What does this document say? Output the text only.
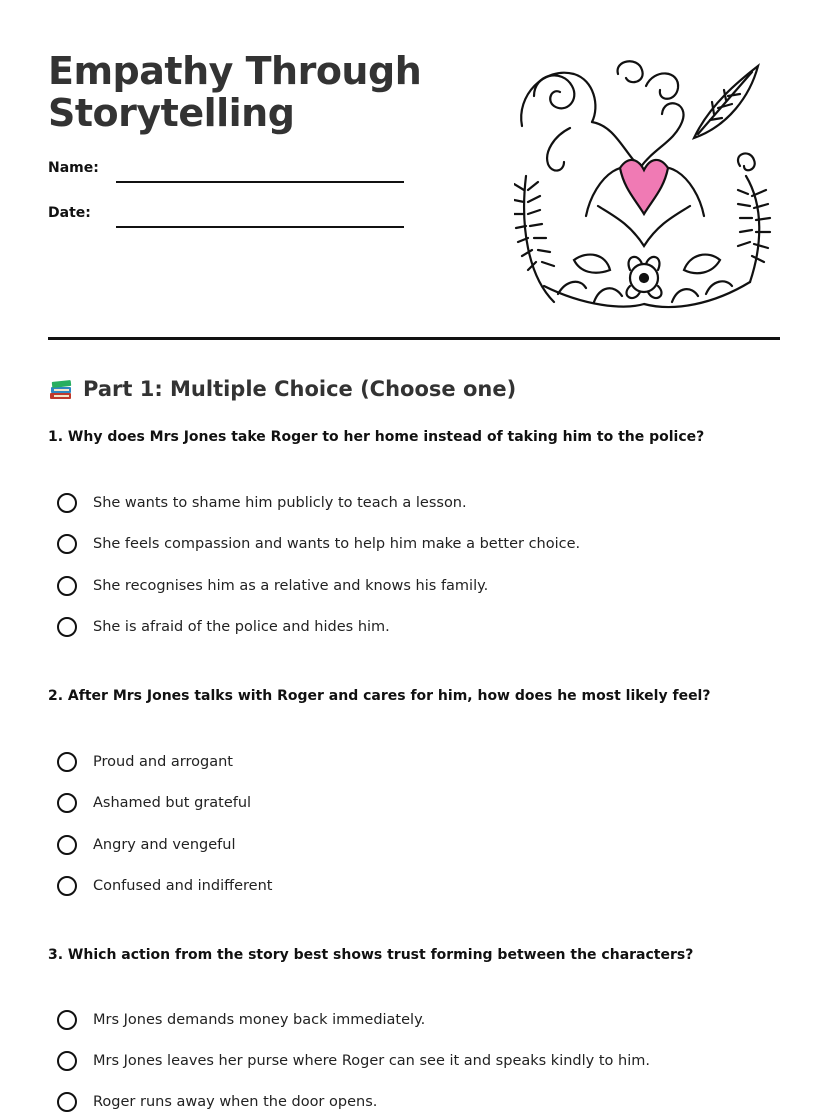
Empathy Through
Storytelling
Name:
Date:
Part 1: Multiple Choice (Choose one)

1. Why does Mrs Jones take Roger to her home instead of taking him to the police?

She wants to shame him publicly to teach a lesson.
She feels compassion and wants to help him make a better choice.
She recognises him as a relative and knows his family.
She is afraid of the police and hides him.

2. After Mrs Jones talks with Roger and cares for him, how does he most likely feel?

Proud and arrogant
Ashamed but grateful
Angry and vengeful
Confused and indifferent

3. Which action from the story best shows trust forming between the characters?

Mrs Jones demands money back immediately.
Mrs Jones leaves her purse where Roger can see it and speaks kindly to him.
Roger runs away when the door opens.
